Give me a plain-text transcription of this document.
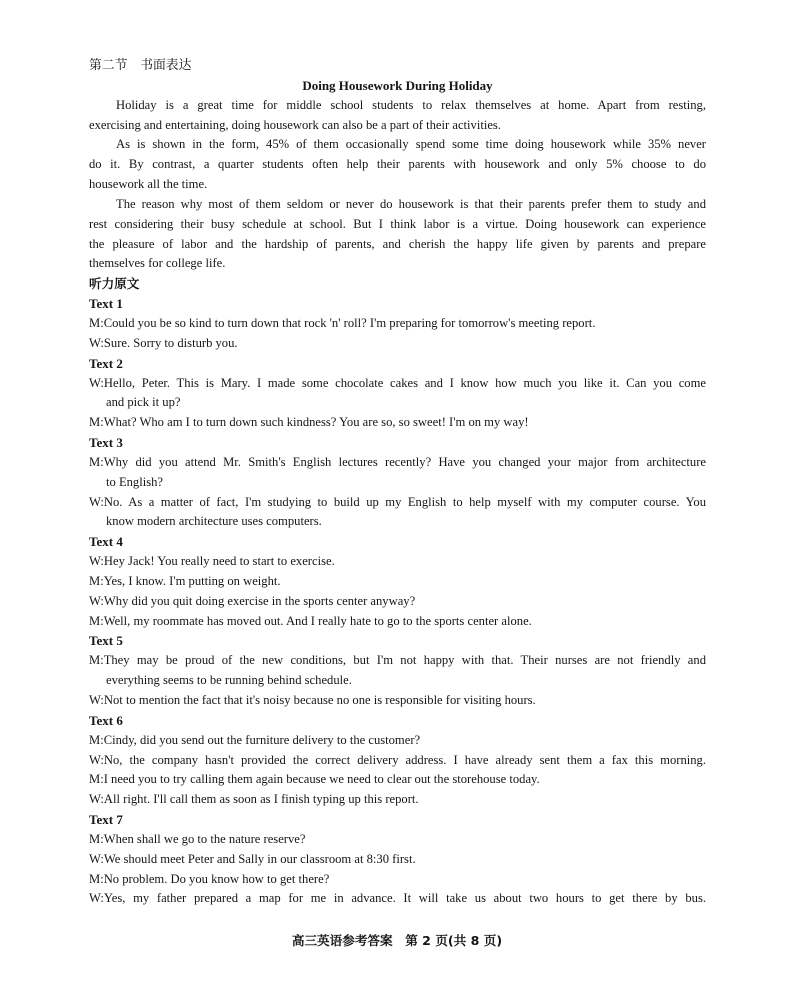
第二节　书面表达
Doing Housework During Holiday
Holiday is a great time for middle school students to relax themselves at home. Apart from resting,
exercising and entertaining, doing housework can also be a part of their activities.
As is shown in the form, 45% of them occasionally spend some time doing housework while 35% never
do it. By contrast, a quarter students often help their parents with housework and only 5% choose to do
housework all the time.
The reason why most of them seldom or never do housework is that their parents prefer them to study and
rest considering their busy schedule at school. But I think labor is a virtue. Doing housework can experience
the pleasure of labor and the hardship of parents, and cherish the happy life given by parents and prepare
themselves for college life.
听力原文
Text 1
M:Could you be so kind to turn down that rock 'n' roll? I'm preparing for tomorrow's meeting report.
W:Sure. Sorry to disturb you.
Text 2
W:Hello, Peter. This is Mary. I made some chocolate cakes and I know how much you like it. Can you come
and pick it up?
M:What? Who am I to turn down such kindness? You are so, so sweet! I'm on my way!
Text 3
M:Why did you attend Mr. Smith's English lectures recently? Have you changed your major from architecture
to English?
W:No. As a matter of fact, I'm studying to build up my English to help myself with my computer course. You
know modern architecture uses computers.
Text 4
W:Hey Jack! You really need to start to exercise.
M:Yes, I know. I'm putting on weight.
W:Why did you quit doing exercise in the sports center anyway?
M:Well, my roommate has moved out. And I really hate to go to the sports center alone.
Text 5
M:They may be proud of the new conditions, but I'm not happy with that. Their nurses are not friendly and
everything seems to be running behind schedule.
W:Not to mention the fact that it's noisy because no one is responsible for visiting hours.
Text 6
M:Cindy, did you send out the furniture delivery to the customer?
W:No, the company hasn't provided the correct delivery address. I have already sent them a fax this morning.
M:I need you to try calling them again because we need to clear out the storehouse today.
W:All right. I'll call them as soon as I finish typing up this report.
Text 7
M:When shall we go to the nature reserve?
W:We should meet Peter and Sally in our classroom at 8:30 first.
M:No problem. Do you know how to get there?
W:Yes, my father prepared a map for me in advance. It will take us about two hours to get there by bus.
高三英语参考答案　第 2 页(共 8 页)
